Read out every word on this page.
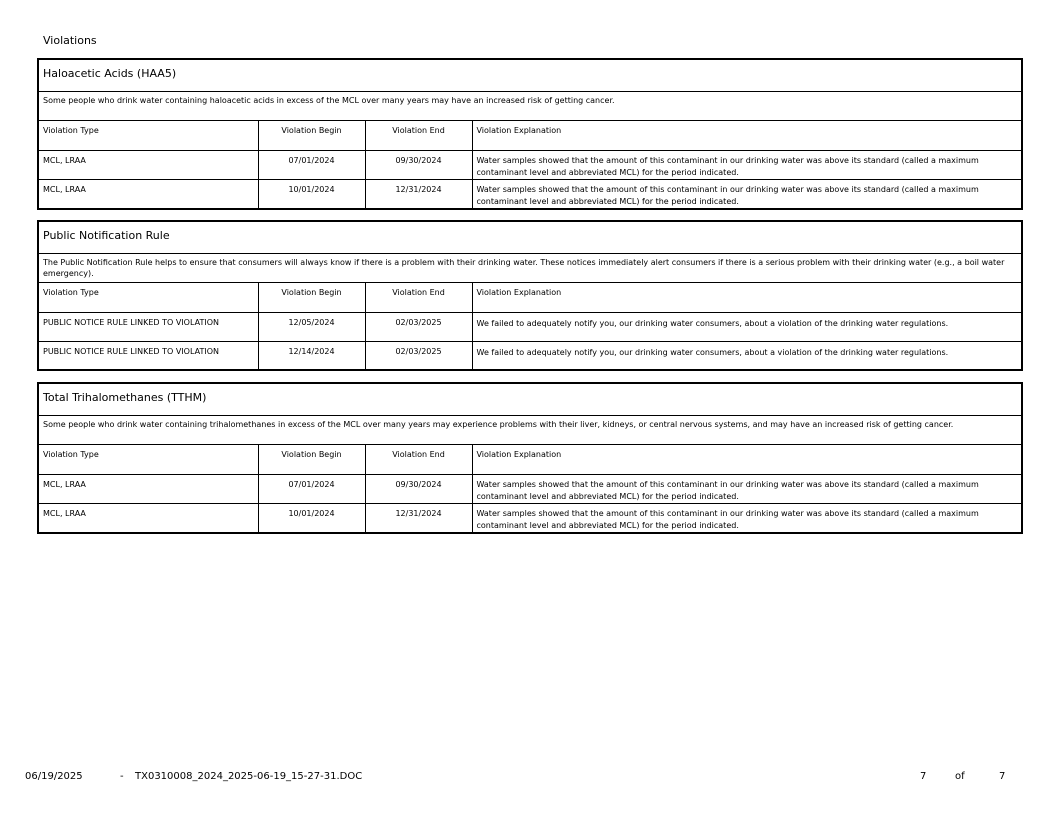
Violations
Haloacetic Acids (HAA5)
Some people who drink water containing haloacetic acids in excess of the MCL over many years may have an increased risk of getting cancer.
Violation Type	Violation Begin	Violation End	Violation Explanation
MCL, LRAA	07/01/2024	09/30/2024	Water samples showed that the amount of this contaminant in our drinking water was above its standard (called a maximum contaminant level and abbreviated MCL) for the period indicated.
MCL, LRAA	10/01/2024	12/31/2024	Water samples showed that the amount of this contaminant in our drinking water was above its standard (called a maximum contaminant level and abbreviated MCL) for the period indicated.
Public Notification Rule
The Public Notification Rule helps to ensure that consumers will always know if there is a problem with their drinking water. These notices immediately alert consumers if there is a serious problem with their drinking water (e.g., a boil water emergency).
Violation Type	Violation Begin	Violation End	Violation Explanation
PUBLIC NOTICE RULE LINKED TO VIOLATION	12/05/2024	02/03/2025	We failed to adequately notify you, our drinking water consumers, about a violation of the drinking water regulations.
PUBLIC NOTICE RULE LINKED TO VIOLATION	12/14/2024	02/03/2025	We failed to adequately notify you, our drinking water consumers, about a violation of the drinking water regulations.
Total Trihalomethanes (TTHM)
Some people who drink water containing trihalomethanes in excess of the MCL over many years may experience problems with their liver, kidneys, or central nervous systems, and may have an increased risk of getting cancer.
Violation Type	Violation Begin	Violation End	Violation Explanation
MCL, LRAA	07/01/2024	09/30/2024	Water samples showed that the amount of this contaminant in our drinking water was above its standard (called a maximum contaminant level and abbreviated MCL) for the period indicated.
MCL, LRAA	10/01/2024	12/31/2024	Water samples showed that the amount of this contaminant in our drinking water was above its standard (called a maximum contaminant level and abbreviated MCL) for the period indicated.
06/19/2025	- TX0310008_2024_2025-06-19_15-27-31.DOC	7	of	7
